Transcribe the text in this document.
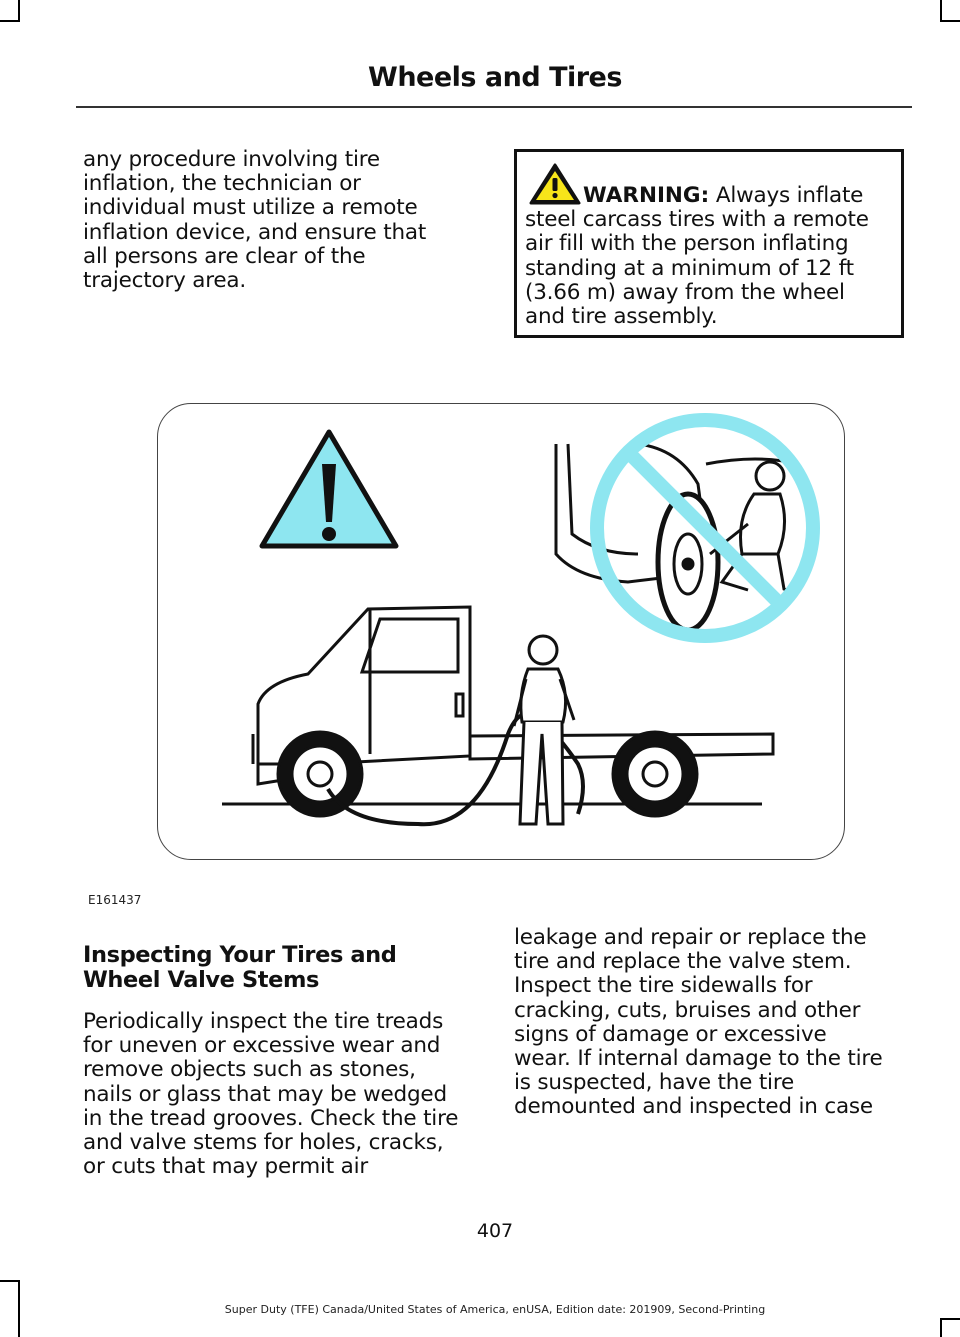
Wheels and Tires
any procedure involving tire
inflation, the technician or
individual must utilize a remote
inflation device, and ensure that
all persons are clear of the
trajectory area.
WARNING: Always inflate
steel carcass tires with a remote
air fill with the person inflating
standing at a minimum of 12 ft
(3.66 m) away from the wheel
and tire assembly.
E161437
Inspecting Your Tires and
Wheel Valve Stems
Periodically inspect the tire treads
for uneven or excessive wear and
remove objects such as stones,
nails or glass that may be wedged
in the tread grooves. Check the tire
and valve stems for holes, cracks,
or cuts that may permit air
leakage and repair or replace the
tire and replace the valve stem.
Inspect the tire sidewalls for
cracking, cuts, bruises and other
signs of damage or excessive
wear. If internal damage to the tire
is suspected, have the tire
demounted and inspected in case
407
Super Duty (TFE) Canada/United States of America, enUSA, Edition date: 201909, Second-Printing
